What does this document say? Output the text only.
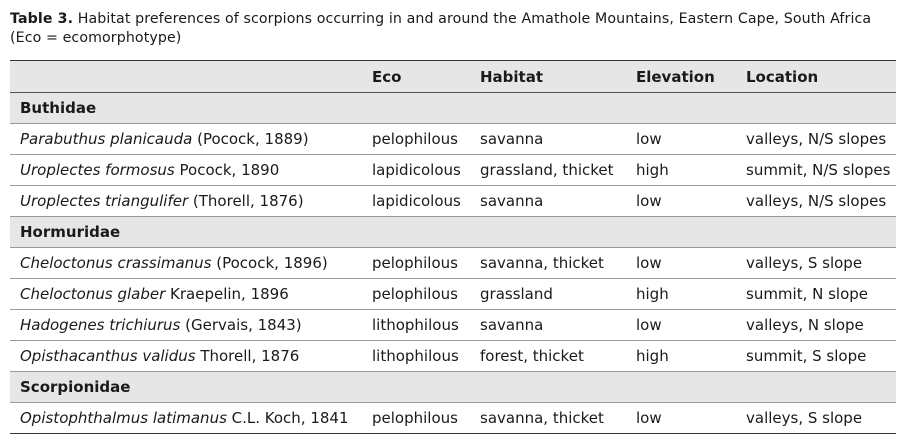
Table 3. Habitat preferences of scorpions occurring in and around the Amathole Mountains, Eastern Cape, South Africa (Eco = ecomorphotype)
	Eco	Habitat	Elevation	Location
Buthidae				
Parabuthus planicauda (Pocock, 1889)	pelophilous	savanna	low	valleys, N/S slopes
Uroplectes formosus Pocock, 1890	lapidicolous	grassland, thicket	high	summit, N/S slopes
Uroplectes triangulifer (Thorell, 1876)	lapidicolous	savanna	low	valleys, N/S slopes
Hormuridae				
Cheloctonus crassimanus (Pocock, 1896)	pelophilous	savanna, thicket	low	valleys, S slope
Cheloctonus glaber Kraepelin, 1896	pelophilous	grassland	high	summit, N slope
Hadogenes trichiurus (Gervais, 1843)	lithophilous	savanna	low	valleys, N slope
Opisthacanthus validus Thorell, 1876	lithophilous	forest, thicket	high	summit, S slope
Scorpionidae				
Opistophthalmus latimanus C.L. Koch, 1841	pelophilous	savanna, thicket	low	valleys, S slope
